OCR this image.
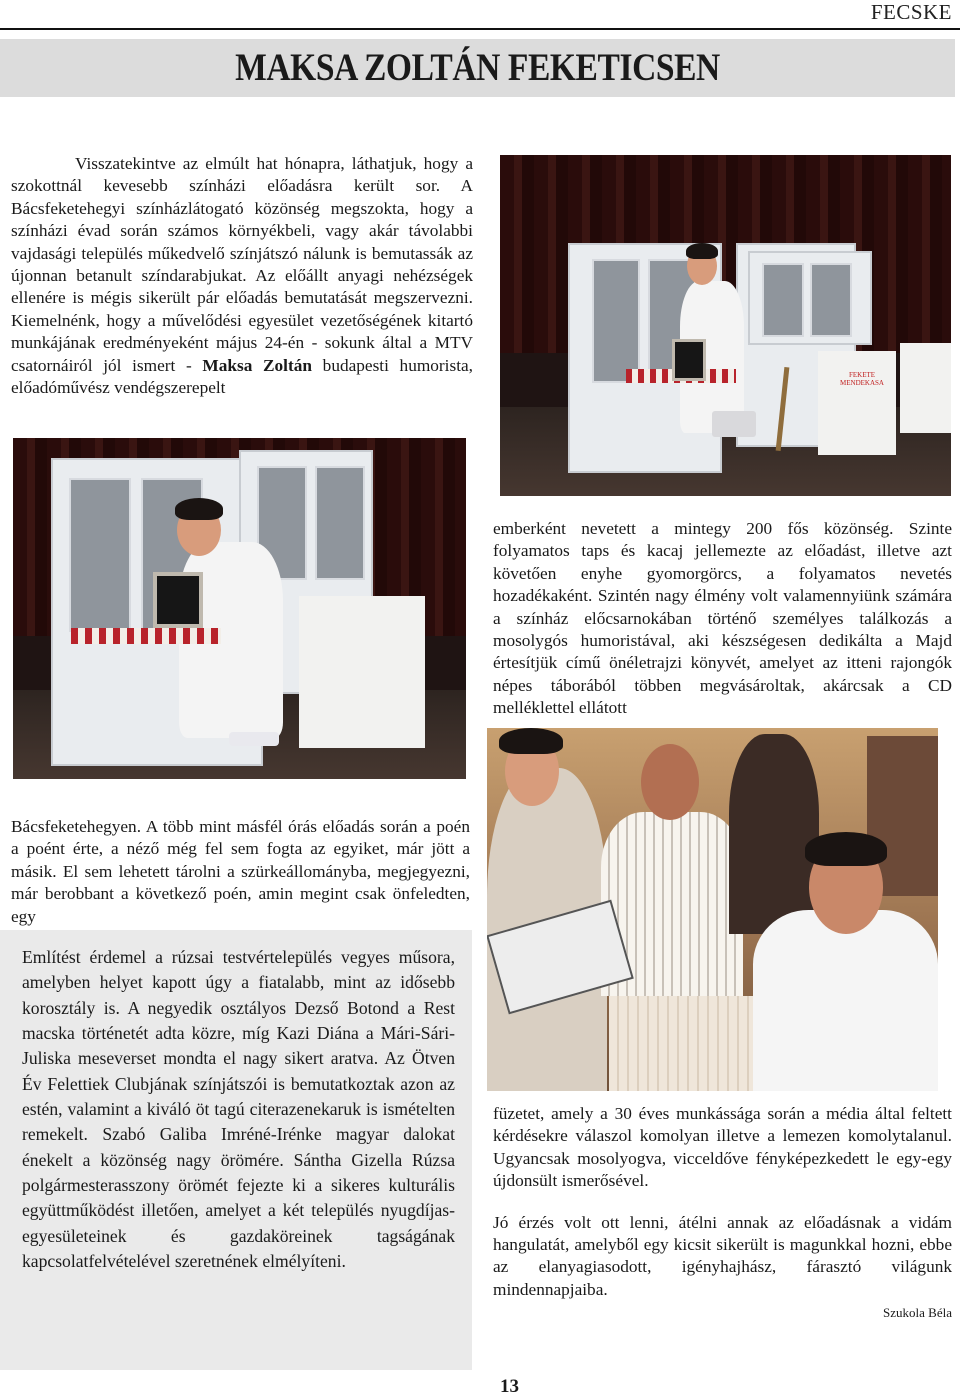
FECSKE
MAKSA ZOLTÁN FEKETICSEN

Visszatekintve az elmúlt hat hónapra, láthatjuk, hogy a szokottnál kevesebb színházi előadásra került sor. A Bácsfeketehegyi színházlátogató közönség megszokta, hogy a színházi évad során számos környékbeli, vagy akár távolabbi vajdasági település műkedvelő színjátszó nálunk is bemutassák az újonnan betanult színdarabjukat. Az előállt anyagi nehézségek ellenére is mégis sikerült pár előadás bemutatását megszervezni. Kiemelnénk, hogy a művelődési egyesület vezetőségének kitartó munkájának eredményeként május 24-én - sokunk által a MTV csatornáiról jól ismert - Maksa Zoltán budapesti humorista, előadóművész vendégszerepelt

FEKETE MENDEKASA
emberként nevetett a mintegy 200 fős közönség. Szinte folyamatos taps és kacaj jellemezte az előadást, illetve azt követően enyhe gyomorgörcs, a folyamatos nevetés hozadékaként. Szintén nagy élmény volt valamennyiünk számára a színház előcsarnokában történő személyes találkozás a mosolygós humoristával, aki készségesen dedikálta a Majd értesítjük című önéletrajzi könyvét, amelyet az itteni rajongók népes táborából többen megvásároltak, akárcsak a CD melléklettel ellátott
Bácsfeketehegyen. A több mint másfél órás előadás során a poén a poént érte, a néző még fel sem fogta az egyiket, már jött a másik. El sem lehetett tárolni a szürkeállományba, megjegyezni, már berobbant a következő poén, amin megint csak önfeledten, egy
Említést érdemel a rúzsai testvértelepülés vegyes műsora, amelyben helyet kapott úgy a fiatalabb, mint az idősebb korosztály is. A negyedik osztályos Dezső Botond a Rest macska történetét adta közre, míg Kazi Diána a Mári-Sári-Juliska meseverset mondta el nagy sikert aratva. Az Ötven Év Felettiek Clubjának színjátszói is bemutatkoztak azon az estén, valamint a kiváló öt tagú citerazenekaruk is ismételten remekelt. Szabó Galiba Imréné-Irénke magyar dalokat énekelt a közönség nagy örömére. Sántha Gizella Rúzsa polgármesterasszony örömét fejezte ki a sikeres kulturális együttműködést illetően, amelyet a két település nyugdíjas-egyesületeinek és gazdaköreinek tagságának kapcsolatfelvételével szeretnének elmélyíteni.

füzetet, amely a 30 éves munkássága során a média által feltett kérdésekre válaszol komolyan illetve a lemezen komolytalanul. Ugyancsak mosolyogva, vicceldőve fényképezkedett le egy-egy újdonsült ismerősével.

Jó érzés volt ott lenni, átélni annak az előadásnak a vidám hangulatát, amelyből egy kicsit sikerült is magunkkal hozni, ebbe az elanyagiasodott, igényhajhász, fárasztó világunk mindennapjaiba.

Szukola Béla

13
